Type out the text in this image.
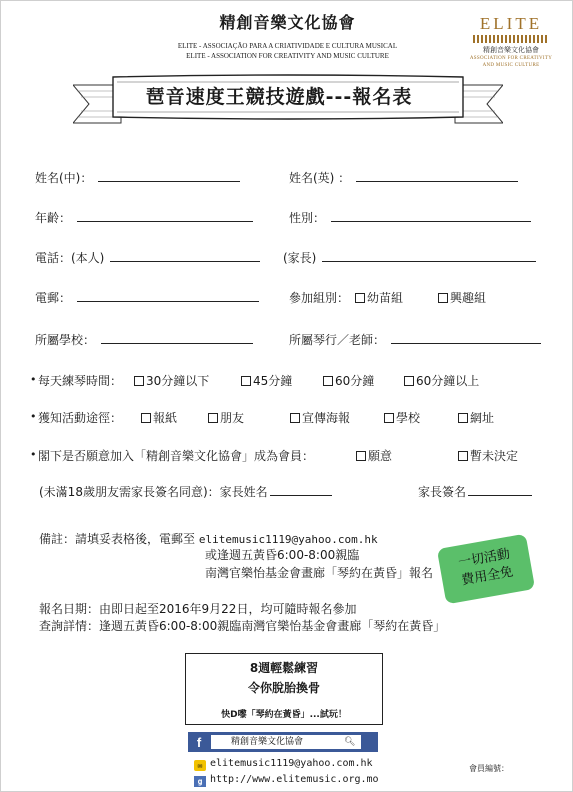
精創音樂文化協會
ELITE - ASSOCIAÇÃO PARA A CRIATIVIDADE E CULTURA MUSICAL
ELITE - ASSOCIATION FOR CREATIVITY AND MUSIC CULTURE
ELITE
精創音樂文化協會
ASSOCIATION FOR CREATIVITY
AND MUSIC CULTURE
琶音速度王競技遊戲---報名表
姓名(中)：	姓名(英) ：
年齡：	性別：
電話：(本人)	(家長)
電郵：	參加組別：	幼苗組	興趣組
所屬學校：	所屬琴行／老師：
• 每天練琴時間：	30分鐘以下	45分鐘	60分鐘	60分鐘以上
• 獲知活動途徑：	報紙	朋友	宣傳海報	學校	網址
• 閣下是否願意加入「精創音樂文化協會」成為會員：	願意	暫未決定
(未滿18歲朋友需家長簽名同意)：家長姓名	家長簽名
備註：請填妥表格後，電郵至 elitemusic1119@yahoo.com.hk
或逢週五黃昏6:00-8:00親臨
南灣官樂怡基金會畫廊「琴約在黃昏」報名
一切活動
費用全免
報名日期：由即日起至2016年9月22日，均可隨時報名參加
查詢詳情：逢週五黃昏6:00-8:00親臨南灣官樂怡基金會畫廊「琴約在黃昏」
8週輕鬆練習
令你脫胎換骨
快D嚟「琴約在黃昏」...試玩！
f	精創音樂文化協會	🔍︎
✉ elitemusic1119@yahoo.com.hk
g http://www.elitemusic.org.mo
會員編號：
